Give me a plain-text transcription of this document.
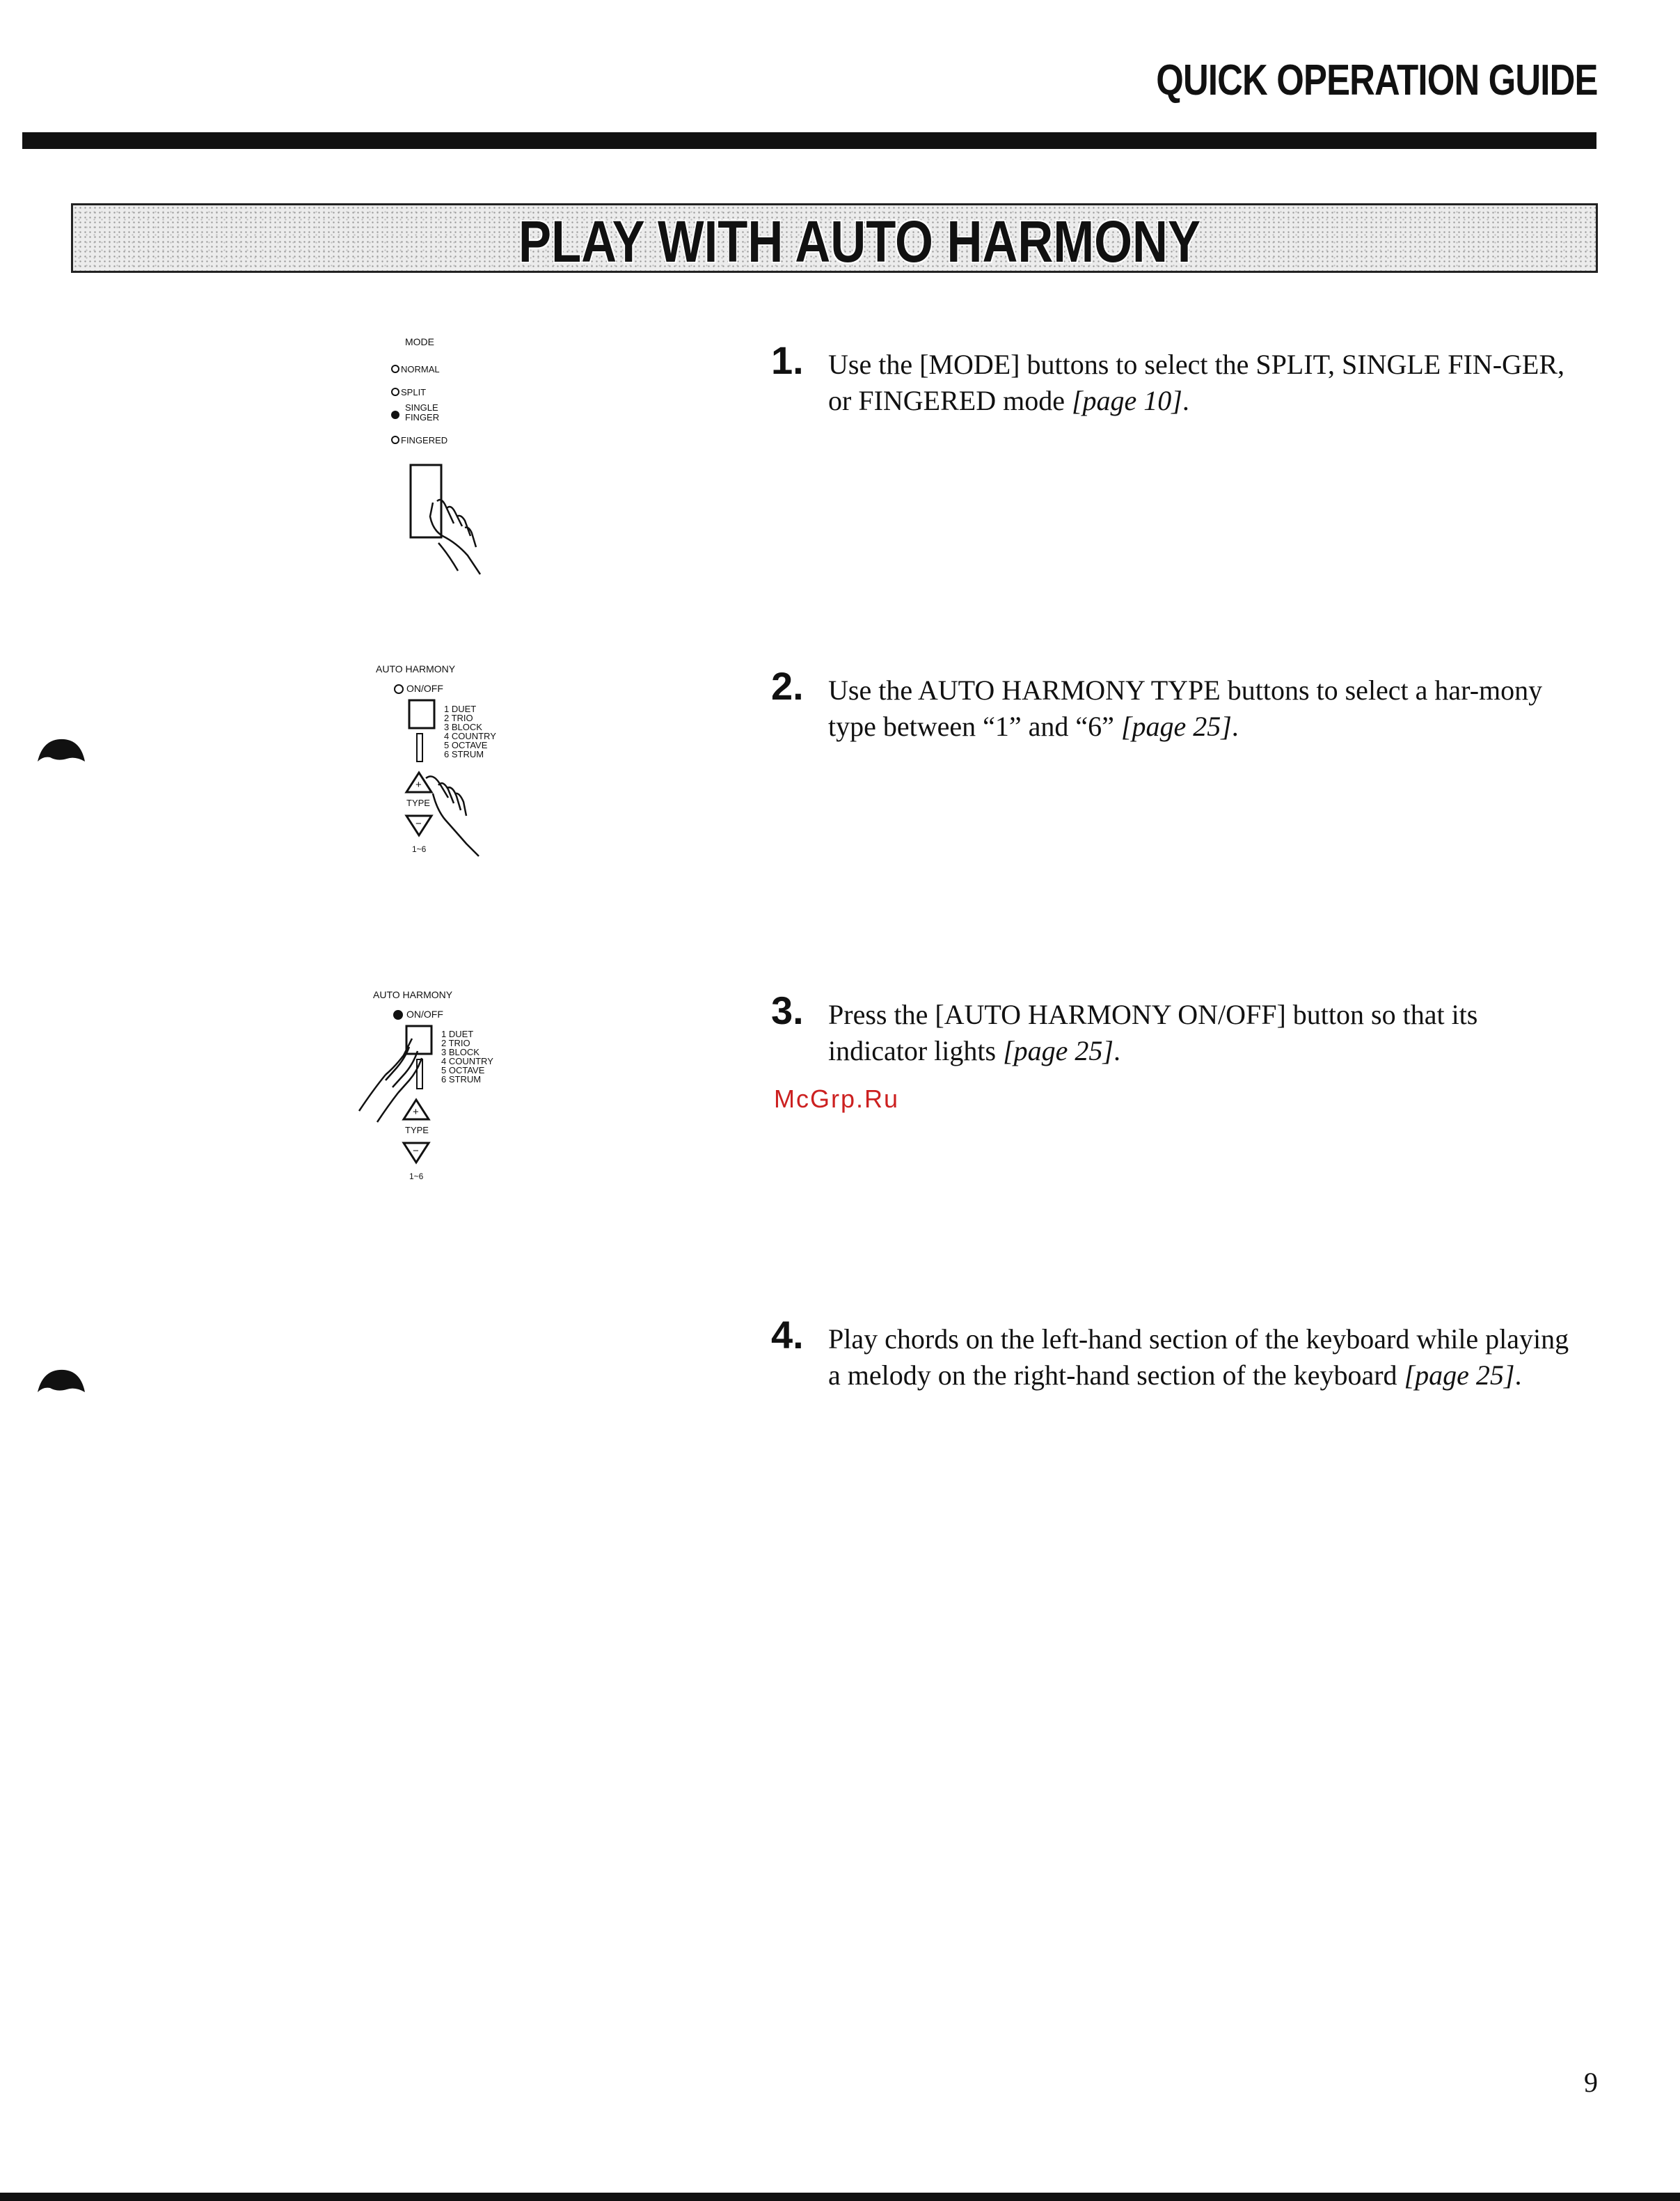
QUICK OPERATION GUIDE
PLAY WITH AUTO HARMONY
MODE
NORMAL
SPLIT
SINGLE
FINGER
FINGERED
AUTO HARMONY
ON/OFF
1 DUET
2 TRIO
3 BLOCK
4 COUNTRY
5 OCTAVE
6 STRUM
+
TYPE
−
1~6
AUTO HARMONY
ON/OFF
1 DUET
2 TRIO
3 BLOCK
4 COUNTRY
5 OCTAVE
6 STRUM
+
TYPE
−
1~6
1. Use the [MODE] buttons to select the SPLIT, SINGLE FIN-GER, or FINGERED mode [page 10].
2. Use the AUTO HARMONY TYPE buttons to select a har-mony type between “1” and “6” [page 25].
3. Press the [AUTO HARMONY ON/OFF] button so that its indicator lights [page 25].
McGrp.Ru
4. Play chords on the left-hand section of the keyboard while playing a melody on the right-hand section of the keyboard [page 25].
9
